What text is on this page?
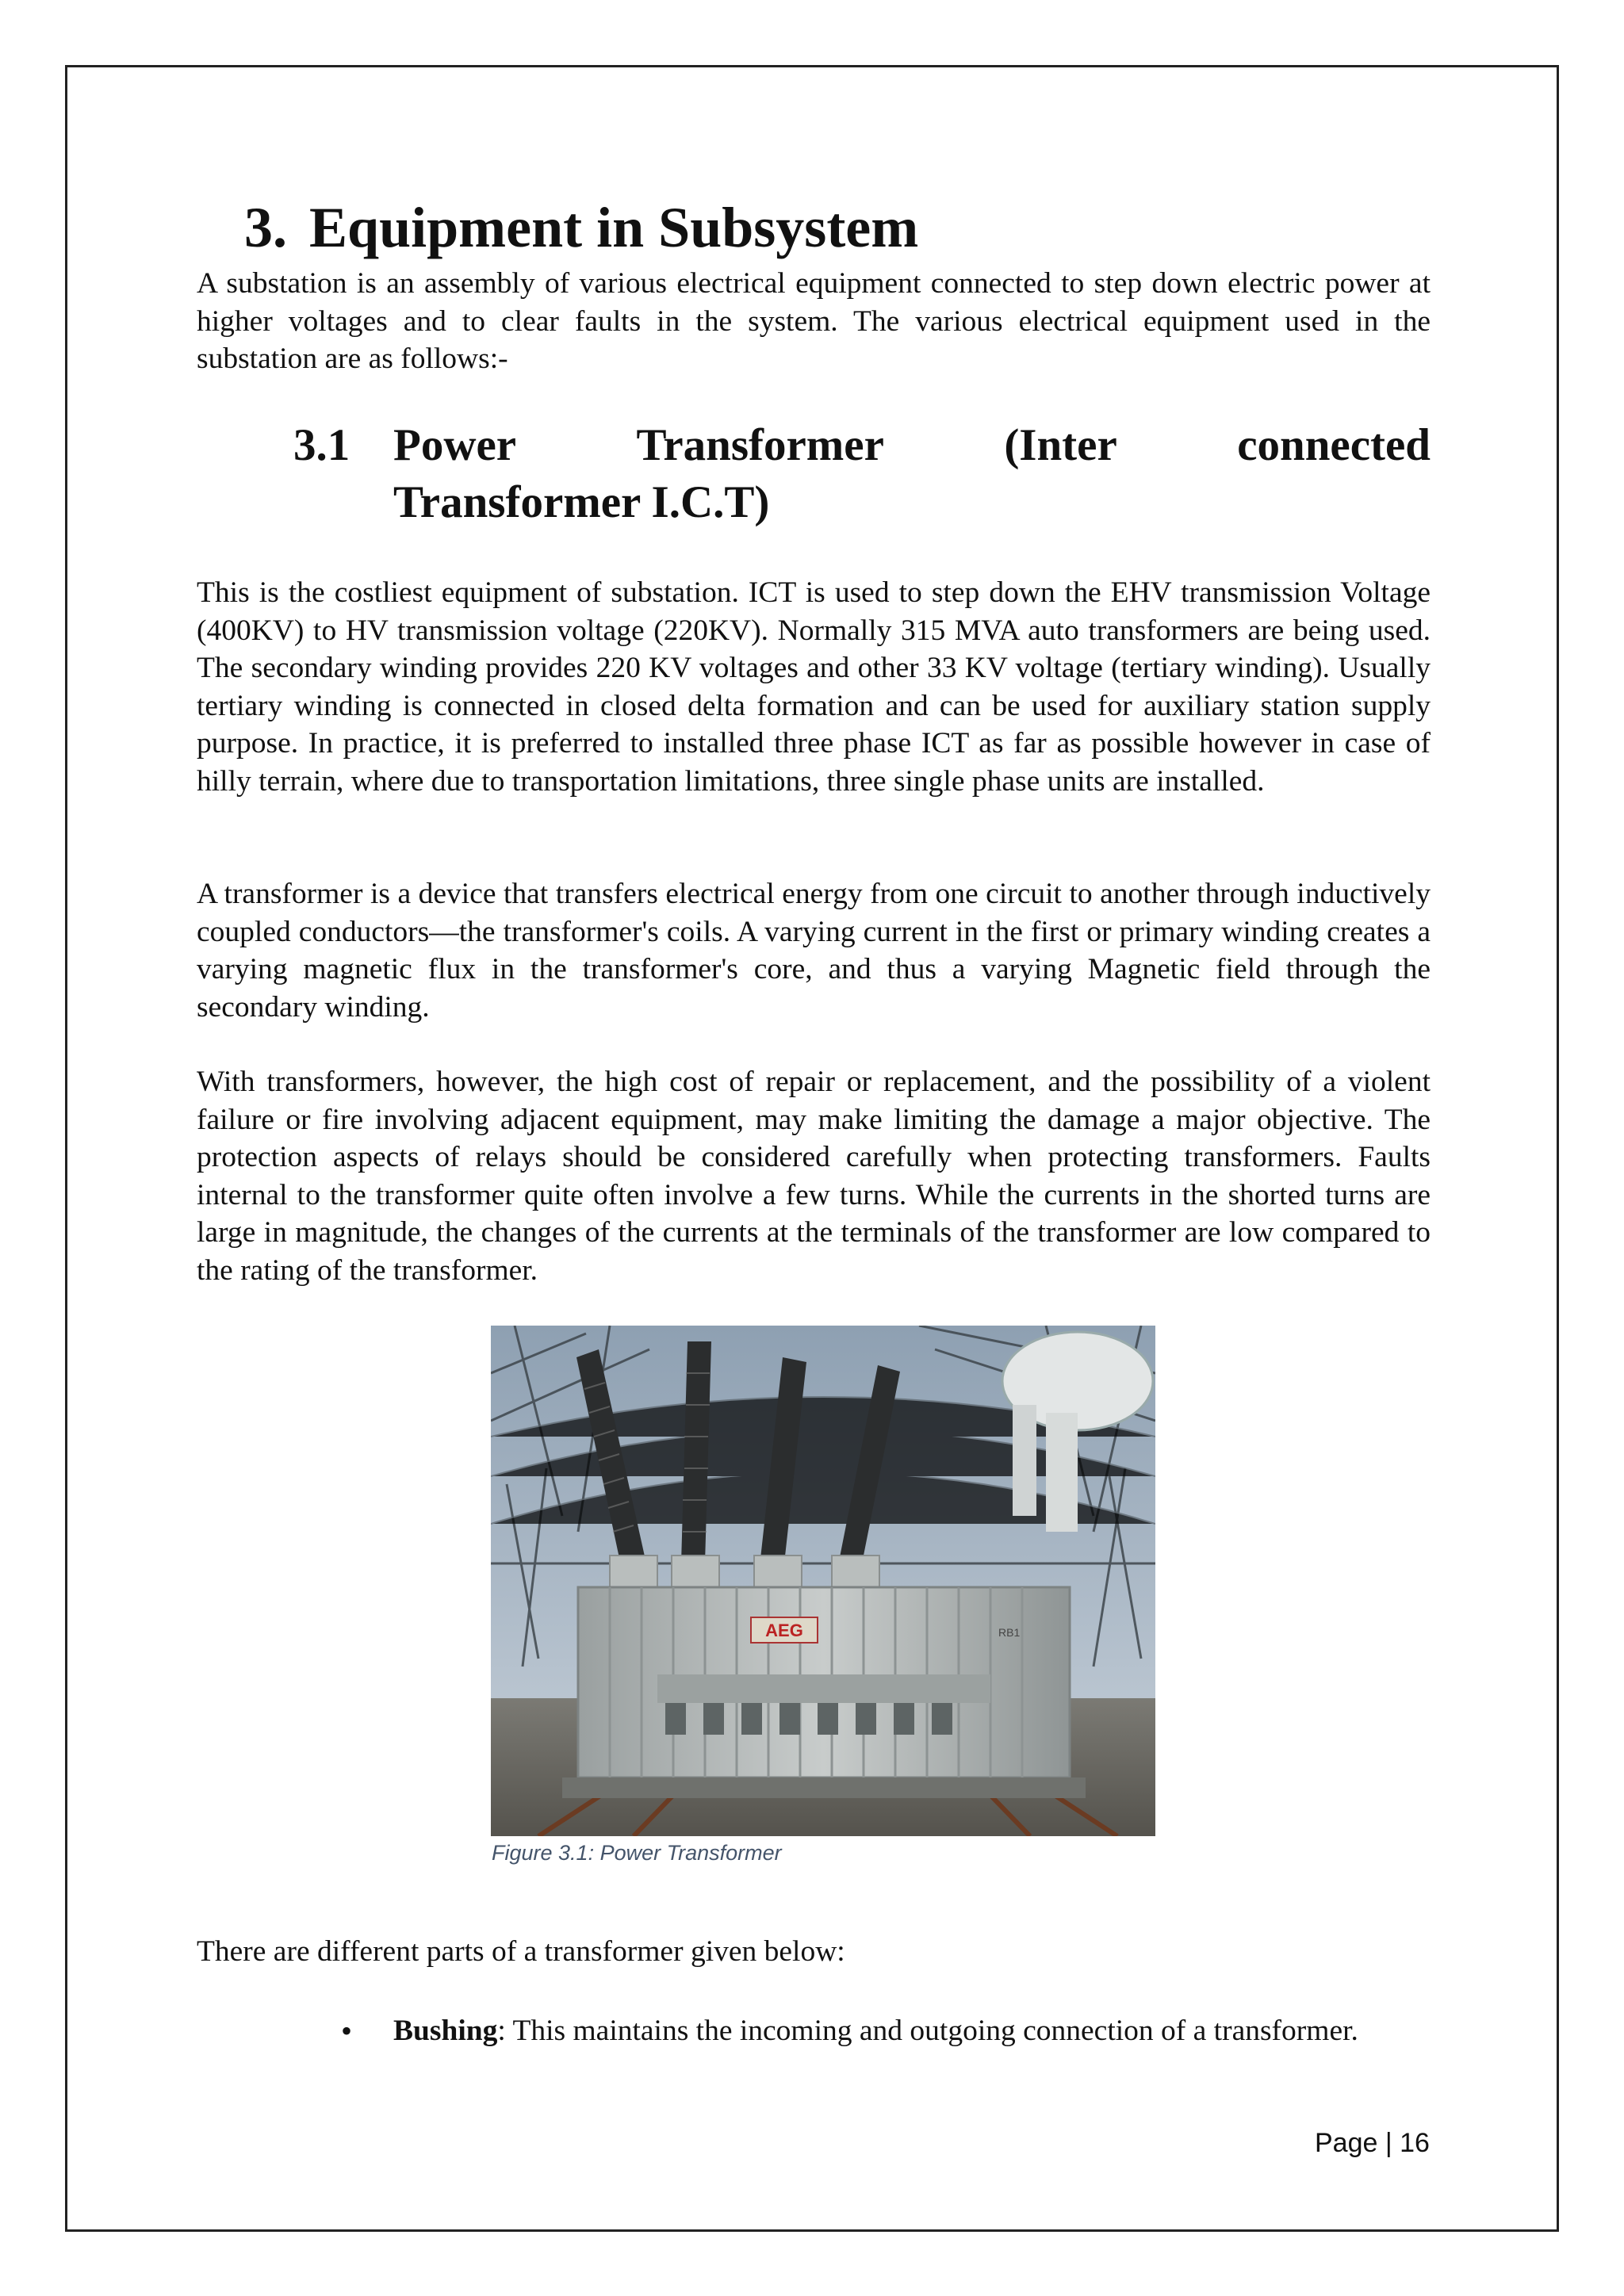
3. Equipment in Subsystem

A substation is an assembly of various electrical equipment connected to step down electric power at higher voltages and to clear faults in the system. The various electrical equipment used in the substation are as follows:-

3.1 Power	Transformer	(Inter	connected
Transformer I.C.T)

This is the costliest equipment of substation. ICT is used to step down the EHV transmission Voltage (400KV) to HV transmission voltage (220KV). Normally 315 MVA auto transformers are being used. The secondary winding provides 220 KV voltages and other 33 KV voltage (tertiary winding). Usually tertiary winding is connected in closed delta formation and can be used for auxiliary station supply purpose. In practice, it is preferred to installed three phase ICT as far as possible however in case of hilly terrain, where due to transportation limitations, three single phase units are installed.

A transformer is a device that transfers electrical energy from one circuit to another through inductively coupled conductors—the transformer's coils. A varying current in the first or primary winding creates a varying magnetic flux in the transformer's core, and thus a varying Magnetic field through the secondary winding.

With transformers, however, the high cost of repair or replacement, and the possibility of a violent failure or fire involving adjacent equipment, may make limiting the damage a major objective. The protection aspects of relays should be considered carefully when protecting transformers. Faults internal to the transformer quite often involve a few turns. While the currents in the shorted turns are large in magnitude, the changes of the currents at the terminals of the transformer are low compared to the rating of the transformer.

AEG	RB1
Figure 3.1: Power Transformer

There are different parts of a transformer given below:

• Bushing: This maintains the incoming and outgoing connection of a transformer.

Page | 16
